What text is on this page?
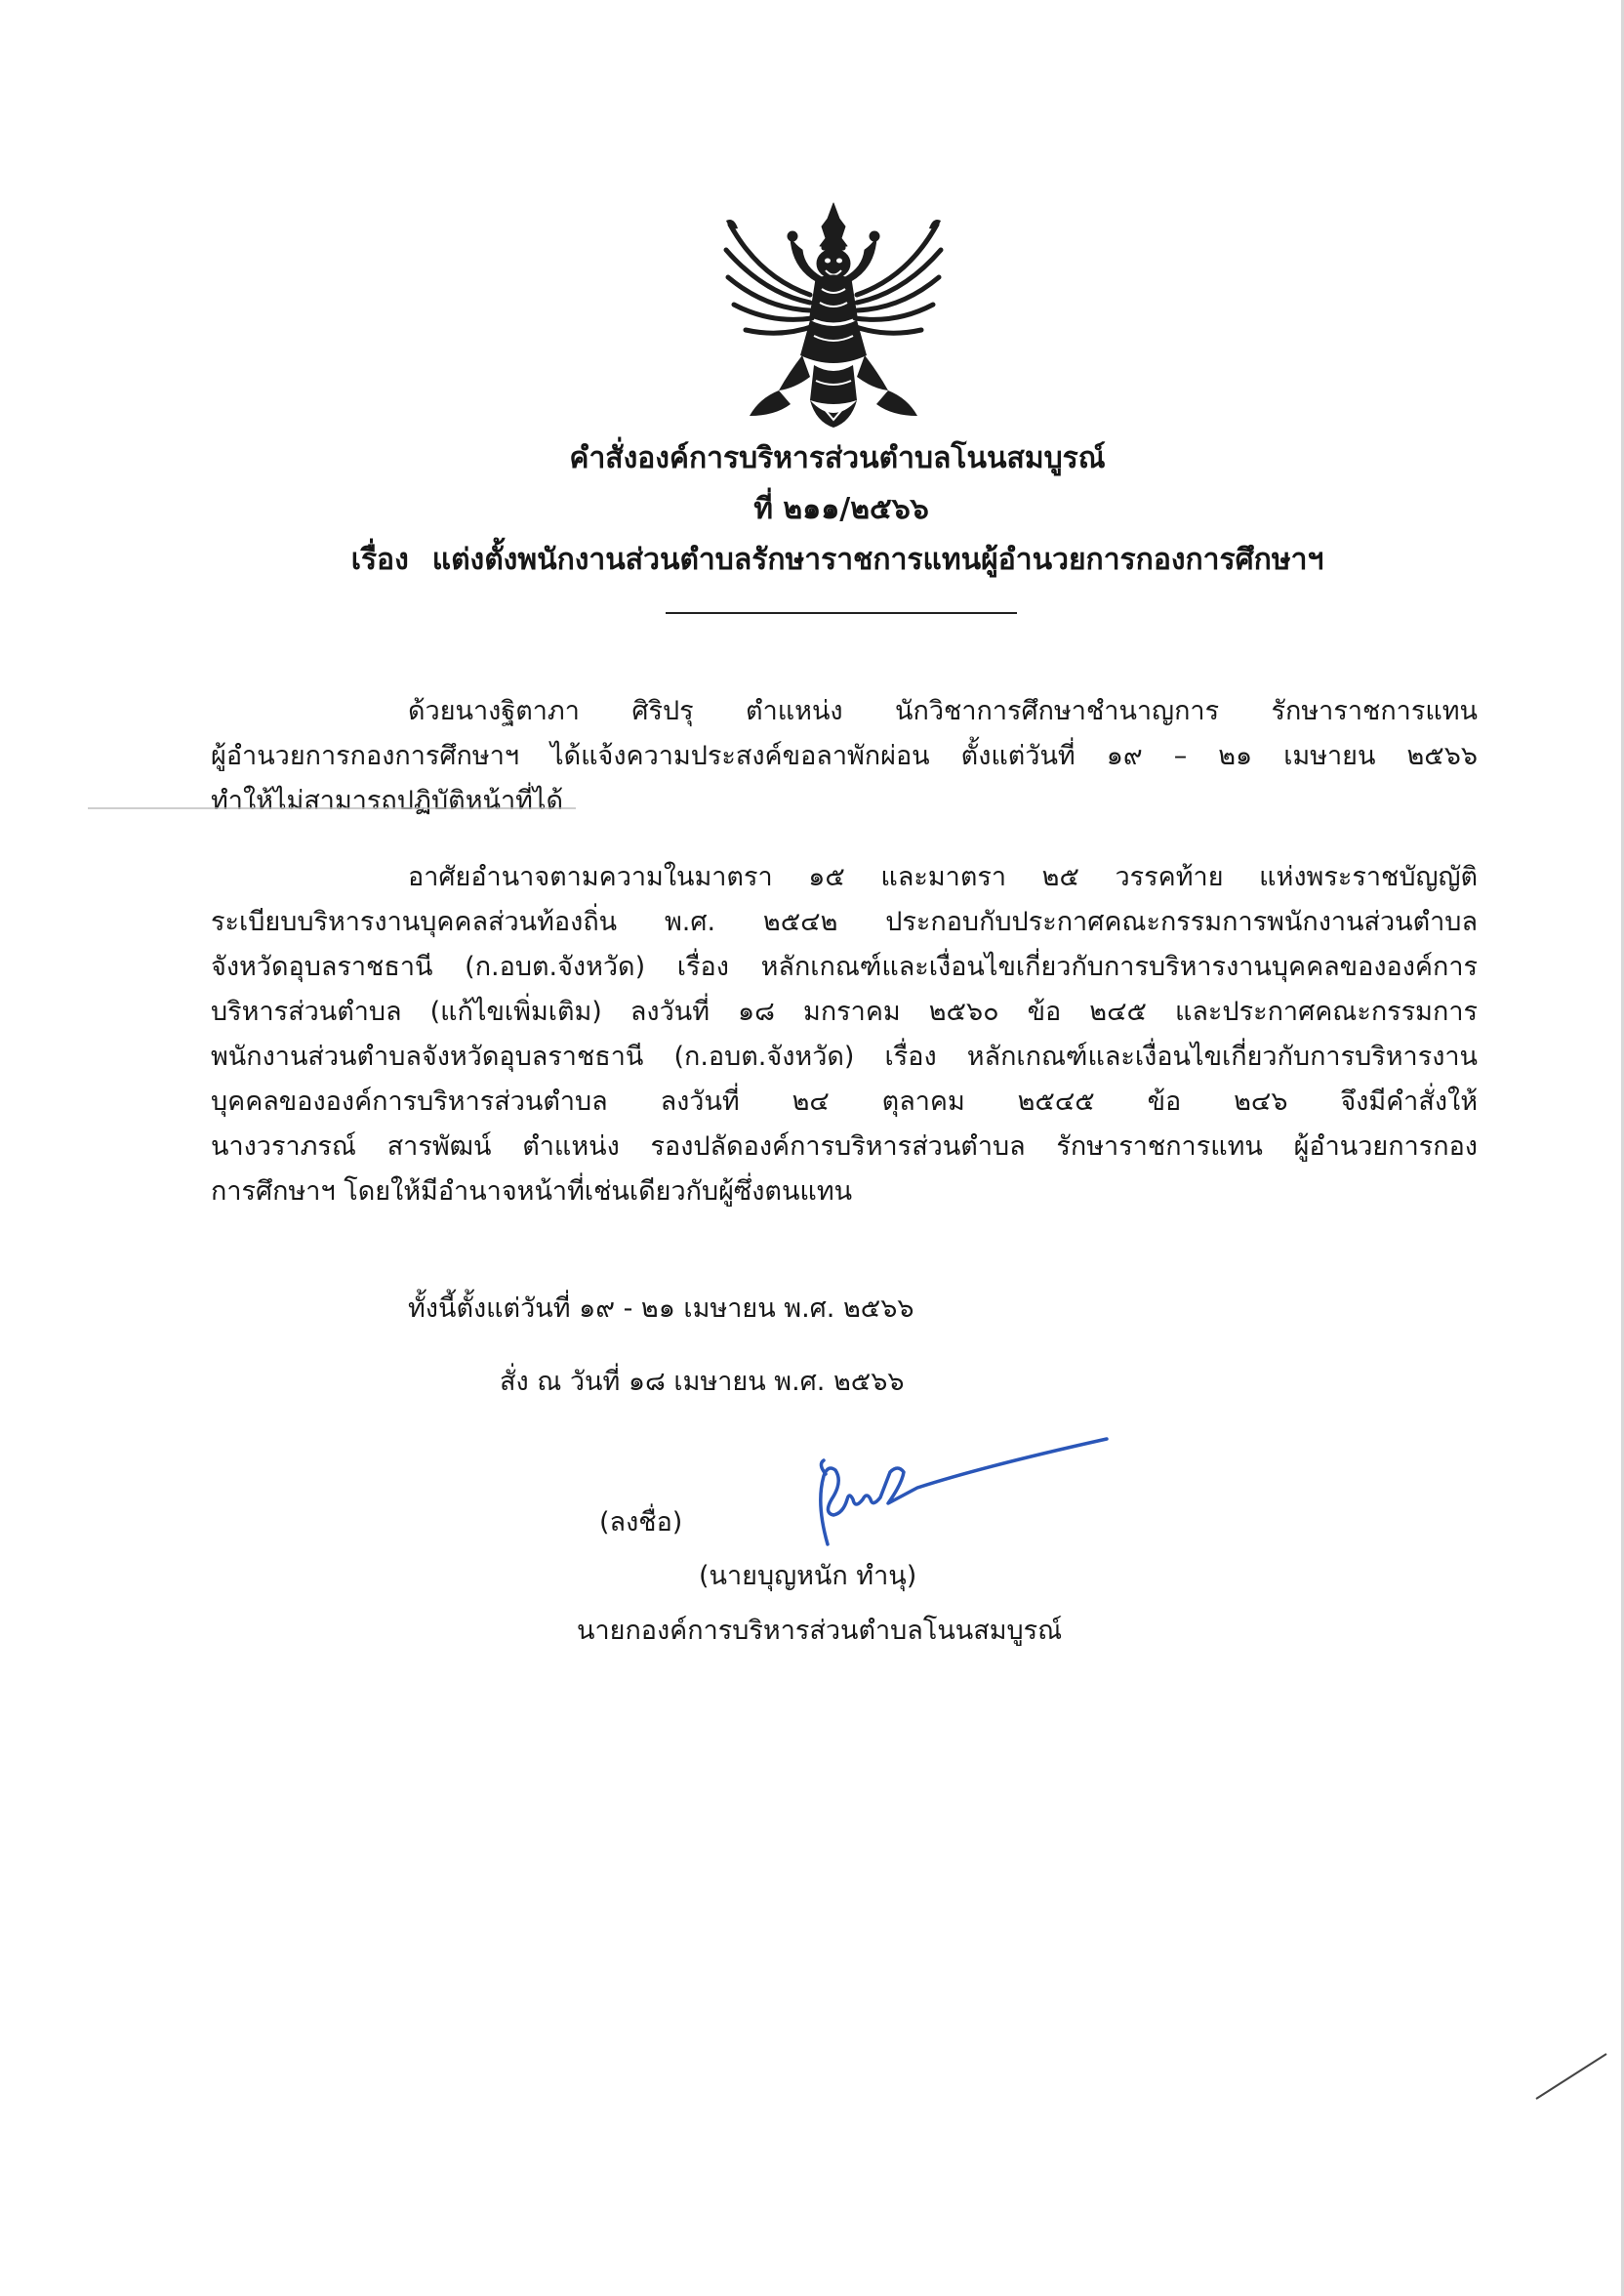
คำสั่งองค์การบริหารส่วนตำบลโนนสมบูรณ์
ที่ ๒๑๑/๒๕๖๖
เรื่อง แต่งตั้งพนักงานส่วนตำบลรักษาราชการแทนผู้อำนวยการกองการศึกษาฯ
ด้วยนางฐิตาภา ศิริปรุ ตำแหน่ง นักวิชาการศึกษาชำนาญการ รักษาราชการแทน
ผู้อำนวยการกองการศึกษาฯ ได้แจ้งความประสงค์ขอลาพักผ่อน ตั้งแต่วันที่ ๑๙ – ๒๑ เมษายน ๒๕๖๖
ทำให้ไม่สามารถปฏิบัติหน้าที่ได้
อาศัยอำนาจตามความในมาตรา ๑๕ และมาตรา ๒๕ วรรคท้าย แห่งพระราชบัญญัติ
ระเบียบบริหารงานบุคคลส่วนท้องถิ่น พ.ศ. ๒๕๔๒ ประกอบกับประกาศคณะกรรมการพนักงานส่วนตำบล
จังหวัดอุบลราชธานี (ก.อบต.จังหวัด) เรื่อง หลักเกณฑ์และเงื่อนไขเกี่ยวกับการบริหารงานบุคคลขององค์การ
บริหารส่วนตำบล (แก้ไขเพิ่มเติม) ลงวันที่ ๑๘ มกราคม ๒๕๖๐ ข้อ ๒๔๕ และประกาศคณะกรรมการ
พนักงานส่วนตำบลจังหวัดอุบลราชธานี (ก.อบต.จังหวัด) เรื่อง หลักเกณฑ์และเงื่อนไขเกี่ยวกับการบริหารงาน
บุคคลขององค์การบริหารส่วนตำบล ลงวันที่ ๒๔ ตุลาคม ๒๕๔๕ ข้อ ๒๔๖ จึงมีคำสั่งให้
นางวราภรณ์ สารพัฒน์ ตำแหน่ง รองปลัดองค์การบริหารส่วนตำบล รักษาราชการแทน ผู้อำนวยการกอง
การศึกษาฯ โดยให้มีอำนาจหน้าที่เช่นเดียวกับผู้ซึ่งตนแทน
ทั้งนี้ตั้งแต่วันที่ ๑๙ - ๒๑ เมษายน พ.ศ. ๒๕๖๖
สั่ง ณ วันที่ ๑๘ เมษายน พ.ศ. ๒๕๖๖
(ลงชื่อ)
(นายบุญหนัก ทำนุ)
นายกองค์การบริหารส่วนตำบลโนนสมบูรณ์
